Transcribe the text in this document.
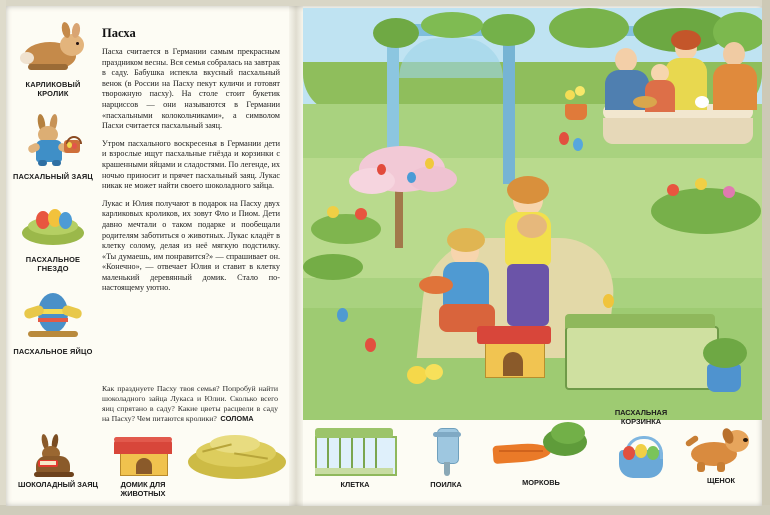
КАРЛИКОВЫЙ КРОЛИК
ПАСХАЛЬНЫЙ ЗАЯЦ
ПАСХАЛЬНОЕ ГНЕЗДО
ПАСХАЛЬНОЕ ЯЙЦО
Пасха

Пасха считается в Германии самым прекрасным праздником весны. Вся семья собралась на завтрак в саду. Бабушка испекла вкусный пасхальный венок (в России на Пасху пекут куличи и готовят творожную пасху). На столе стоит букетик нарциссов — они называются в Германии «пасхальными колокольчиками», а символом Пасхи считается пасхальный заяц.

Утром пасхального воскресенья в Германии дети и взрослые ищут пасхальные гнёзда и корзинки с крашенными яйцами и сладостями. По легенде, их ночью приносит и прячет пасхальный заяц. Лукас никак не может найти своего шоколадного зайца.

Лукас и Юлия получают в подарок на Пасху двух карликовых кроликов, их зовут Фло и Пиом. Дети давно мечтали о таком подарке и пообещали родителям заботиться о животных. Лукас кладёт в клетку солому, делая из неё мягкую подстилку. «Ты думаешь, им понравится?» — спрашивает он. «Конечно», — отвечает Юлия и ставит в клетку маленький деревянный домик. Стало по-настоящему уютно.

Как празднуете Пасху твоя семья? Попробуй найти шоколадного зайца Лукаса и Юлии. Сколько всего яиц спрятано в саду? Какие цветы расцвели в саду на Пасху? Чем питаются кролики?

ШОКОЛАДНЫЙ ЗАЯЦ	ДОМИК ДЛЯ ЖИВОТНЫХ
СОЛОМА
КЛЕТКА	ПОИЛКА	МОРКОВЬ
ПАСХАЛЬНАЯ КОРЗИНКА
ЩЕНОК
